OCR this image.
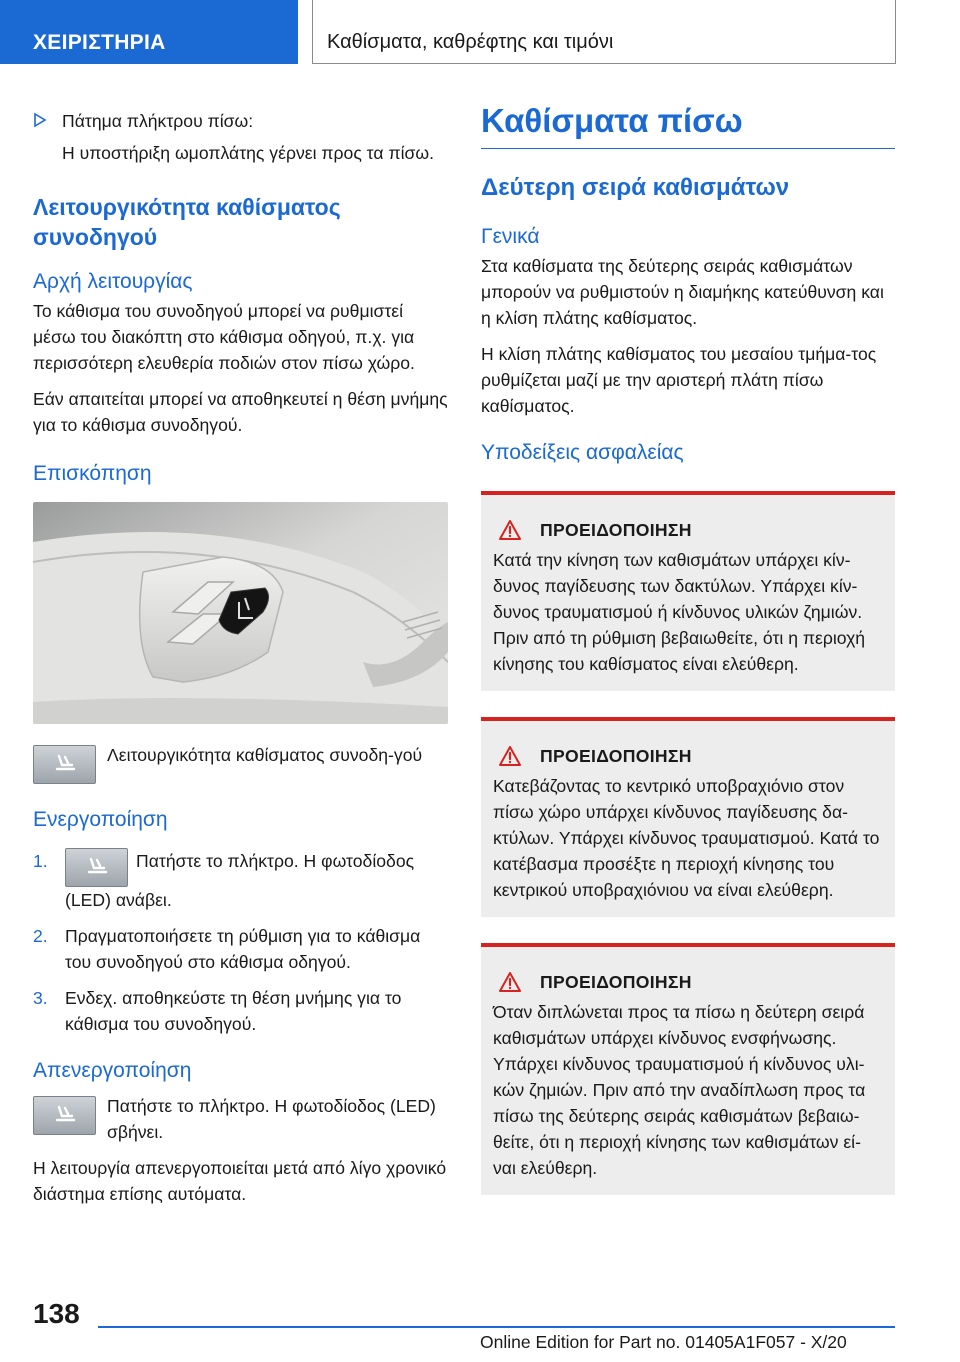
ΧΕΙΡΙΣΤΗΡΙΑ	Καθίσματα, καθρέφτης και τιμόνι

Πάτημα πλήκτρου πίσω:

Η υποστήριξη ωμοπλάτης γέρνει προς τα πίσω.

Λειτουργικότητα καθίσματος συνοδηγού
Αρχή λειτουργίας

Το κάθισμα του συνοδηγού μπορεί να ρυθμιστεί μέσω του διακόπτη στο κάθισμα οδηγού, π.χ. για περισσότερη ελευθερία ποδιών στον πίσω χώρο.

Εάν απαιτείται μπορεί να αποθηκευτεί η θέση μνήμης για το κάθισμα συνοδηγού.

Επισκόπηση

Λειτουργικότητα καθίσματος συνοδη-γού

Ενεργοποίηση
1.	Πατήστε το πλήκτρο. Η φωτοδίοδος (LED) ανάβει.
2. Πραγματοποιήσετε τη ρύθμιση για το κάθισμα του συνοδηγού στο κάθισμα οδηγού.
3. Ενδεχ. αποθηκεύστε τη θέση μνήμης για το κάθισμα του συνοδηγού.
Απενεργοποίηση

Πατήστε το πλήκτρο. Η φωτοδίοδος (LED) σβήνει.

Η λειτουργία απενεργοποιείται μετά από λίγο χρονικό διάστημα επίσης αυτόματα.

Καθίσματα πίσω
Δεύτερη σειρά καθισμάτων
Γενικά

Στα καθίσματα της δεύτερης σειράς καθισμάτων μπορούν να ρυθμιστούν η διαμήκης κατεύθυνση και η κλίση πλάτης καθίσματος.

Η κλίση πλάτης καθίσματος του μεσαίου τμήμα-τος ρυθμίζεται μαζί με την αριστερή πλάτη πίσω καθίσματος.

Υποδείξεις ασφαλείας
ΠΡΟΕΙΔΟΠΟΙΗΣΗ

Κατά την κίνηση των καθισμάτων υπάρχει κίν-δυνος παγίδευσης των δακτύλων. Υπάρχει κίν-δυνος τραυματισμού ή κίνδυνος υλικών ζημιών. Πριν από τη ρύθμιση βεβαιωθείτε, ότι η περιοχή κίνησης του καθίσματος είναι ελεύθερη.

ΠΡΟΕΙΔΟΠΟΙΗΣΗ

Κατεβάζοντας το κεντρικό υποβραχιόνιο στον πίσω χώρο υπάρχει κίνδυνος παγίδευσης δα-κτύλων. Υπάρχει κίνδυνος τραυματισμού. Κατά το κατέβασμα προσέξτε η περιοχή κίνησης του κεντρικού υποβραχιόνιου να είναι ελεύθερη.

ΠΡΟΕΙΔΟΠΟΙΗΣΗ

Όταν διπλώνεται προς τα πίσω η δεύτερη σειρά καθισμάτων υπάρχει κίνδυνος ενσφήνωσης. Υπάρχει κίνδυνος τραυματισμού ή κίνδυνος υλι-κών ζημιών. Πριν από την αναδίπλωση προς τα πίσω της δεύτερης σειράς καθισμάτων βεβαιω-θείτε, ότι η περιοχή κίνησης των καθισμάτων εί-ναι ελεύθερη.

138
Online Edition for Part no. 01405A1F057 - X/20
